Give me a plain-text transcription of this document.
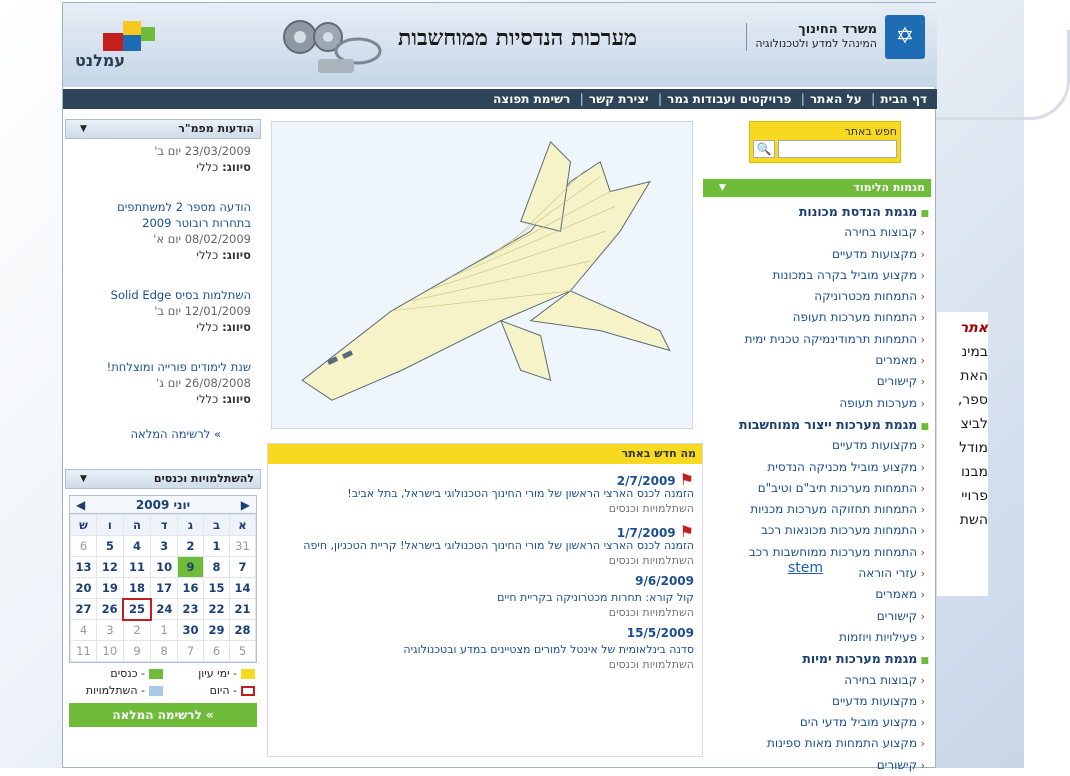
✡
משרד החינוך
המינהל למדע ולטכנולוגיה
מערכות הנדסיות ממוחשבות
עמלנט
דף הבית| על האתר| פרויקטים ועבודות גמר| יצירת קשר| רשימת תפוצה
חפש באתר
🔍
מגמות הלימוד
▼
■ מגמת הנדסת מכונות
‹ קבוצות בחירה
‹ מקצועות מדעיים
‹ מקצוע מוביל בקרה במכונות
‹ התמחות מכטרוניקה
‹ התמחות מערכות תעופה
‹ התמחות תרמודינמיקה טכנית ימית
‹ מאמרים
‹ קישורים
‹ מערכות תעופה
■ מגמת מערכות ייצור ממוחשבות
‹ מקצועות מדעיים
‹ מקצוע מוביל מכניקה הנדסית
‹ התמחות מערכות תיב"ם וטיב"ם
‹ התמחות תחזוקה מערכות מכניות
‹ התמחות מערכות מכונאות רכב
‹ התמחות מערכות ממוחשבות רכב
‹ עזרי הוראה
‹ מאמרים
‹ קישורים
‹ פעילויות ויוזמות
■ מגמת מערכות ימיות
‹ קבוצות בחירה
‹ מקצועות מדעיים
‹ מקצוע מוביל מדעי הים
‹ מקצוע התמחות מאות ספינות
‹ קישורים
מה חדש באתר
⚑2/7/2009
הזמנה לכנס הארצי הראשון של מורי החינוך הטכנולוגי בישראל, בתל אביב!
השתלמויות וכנסים
⚑1/7/2009
הזמנה לכנס הארצי הראשון של מורי החינוך הטכנולוגי בישראל! קריית הטכניון, חיפה
השתלמויות וכנסים
9/6/2009
קול קורא: תחרות מכטרוניקה בקריית חיים
השתלמויות וכנסים
15/5/2009
סדנה בינלאומית של אינטל למורים מצטיינים במדע ובטכנולוגיה
השתלמויות וכנסים
הודעות מפמ"ר
▼
23/03/2009 יום ב'
סיווג: כללי
הודעה מספר 2 למשתתפים בתחרות רובוטר 2009
08/02/2009 יום א'
סיווג: כללי
השתלמות בסיס Solid Edge
12/01/2009 יום ב'
סיווג: כללי
שנת לימודים פורייה ומוצלחת!
26/08/2008 יום ג'
סיווג: כללי
» לרשימה המלאה
להשתלמויות וכנסים
▼
◀	יוני 2009	▶
ש	ו	ה	ד	ג	ב	א
6	5	4	3	2	1	31
13	12	11	10	9	8	7
20	19	18	17	16	15	14
27	26	25	24	23	22	21
4	3	2	1	30	29	28
11	10	9	8	7	6	5
- ימי עיון
- כנסים
- היום
- השתלמויות
» לרשימה המלאה
אתר
במינ
האת
ספר,
לביצ
מודל
מבנו
פרויי
השת
stem
